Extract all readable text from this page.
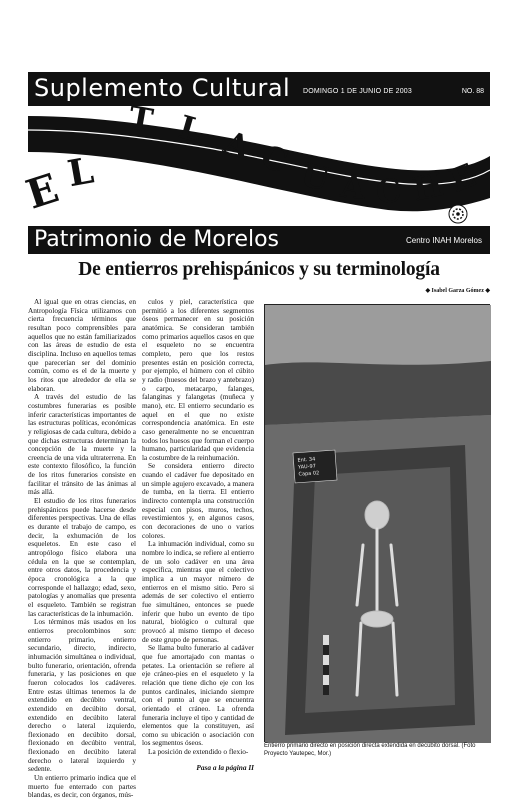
Suplemento Cultural DOMINGO 1 DE JUNIO DE 2003	NO. 88
E L
T L A C U A C H
E
Patrimonio de Morelos	Centro INAH Morelos
De entierros prehispánicos y su terminología
◆ Isabel Garza Gómez ◆

Al igual que en otras ciencias, en Antropología Física utilizamos con cierta frecuencia términos que resultan poco comprensibles para aquellos que no están familiarizados con las áreas de estudio de esta disciplina. Incluso en aquellos temas que parecerían ser del dominio común, como es el de la muerte y los ritos que alrededor de ella se elaboran.

A través del estudio de las costumbres funerarias es posible inferir características importantes de las estructuras políticas, económicas y religiosas de cada cultura, debido a que dichas estructuras determinan la concepción de la muerte y la creencia de una vida ultraterrena. En este contexto filosófico, la función de los ritos funerarios consiste en facilitar el tránsito de las ánimas al más allá.

El estudio de los ritos funerarios prehispánicos puede hacerse desde diferentes perspectivas. Una de ellas es durante el trabajo de campo, es decir, la exhumación de los esqueletos. En este caso el antropólogo físico elabora una cédula en la que se contemplan, entre otros datos, la procedencia y época cronológica a la que corresponde el hallazgo; edad, sexo, patologías y anomalías que presenta el esqueleto. También se registran las características de la inhumación.

Los términos más usados en los entierros precolombinos son: entierro primario, entierro secundario, directo, indirecto, inhumación simultánea o individual, bulto funerario, orientación, ofrenda funeraria, y las posiciones en que fueron colocados los cadáveres. Entre estas últimas tenemos la de extendido en decúbito ventral, extendido en decúbito dorsal, extendido en decúbito lateral derecho o lateral izquierdo, flexionado en decúbito dorsal, flexionado en decúbito ventral, flexionado en decúbito lateral derecho o lateral izquierdo y sedente.

Un entierro primario indica que el muerto fue enterrado con partes blandas, es decir, con órganos, mús-

culos y piel, característica que permitió a los diferentes segmentos óseos permanecer en su posición anatómica. Se consideran también como primarios aquellos casos en que el esqueleto no se encuentra completo, pero que los restos presentes están en posición correcta, por ejemplo, el húmero con el cúbito y radio (huesos del brazo y antebrazo) o carpo, metacarpo, falanges, falanginas y falangetas (muñeca y mano), etc. El entierro secundario es aquel en el que no existe correspondencia anatómica. En este caso generalmente no se encuentran todos los huesos que forman el cuerpo humano, particularidad que evidencia la costumbre de la reinhumación.

Se considera entierro directo cuando el cadáver fue depositado en un simple agujero excavado, a manera de tumba, en la tierra. El entierro indirecto contempla una construcción especial con pisos, muros, techos, revestimientos y, en algunos casos, con decoraciones de uno o varios colores.

La inhumación individual, como su nombre lo indica, se refiere al entierro de un solo cadáver en una área específica, mientras que el colectivo implica a un mayor número de entierros en el mismo sitio. Pero si además de ser colectivo el entierro fue simultáneo, entonces se puede inferir que hubo un evento de tipo natural, biológico o cultural que provocó al mismo tiempo el deceso de este grupo de personas.

Se llama bulto funerario al cadáver que fue amortajado con mantas o petates. La orientación se refiere al eje cráneo-pies en el esqueleto y la relación que tiene dicho eje con los puntos cardinales, iniciando siempre con el punto al que se encuentra orientado el cráneo. La ofrenda funeraria incluye el tipo y cantidad de elementos que la constituyen, así como su ubicación o asociación con los segmentos óseos.

La posición de extendido o flexio-

Pasa a la página II
Ent. 34
YAU-97
Capa 02
Entierro primario directo en posición directa extendida en decúbito dorsal. (Foto Proyecto Yautepec, Mor.)
